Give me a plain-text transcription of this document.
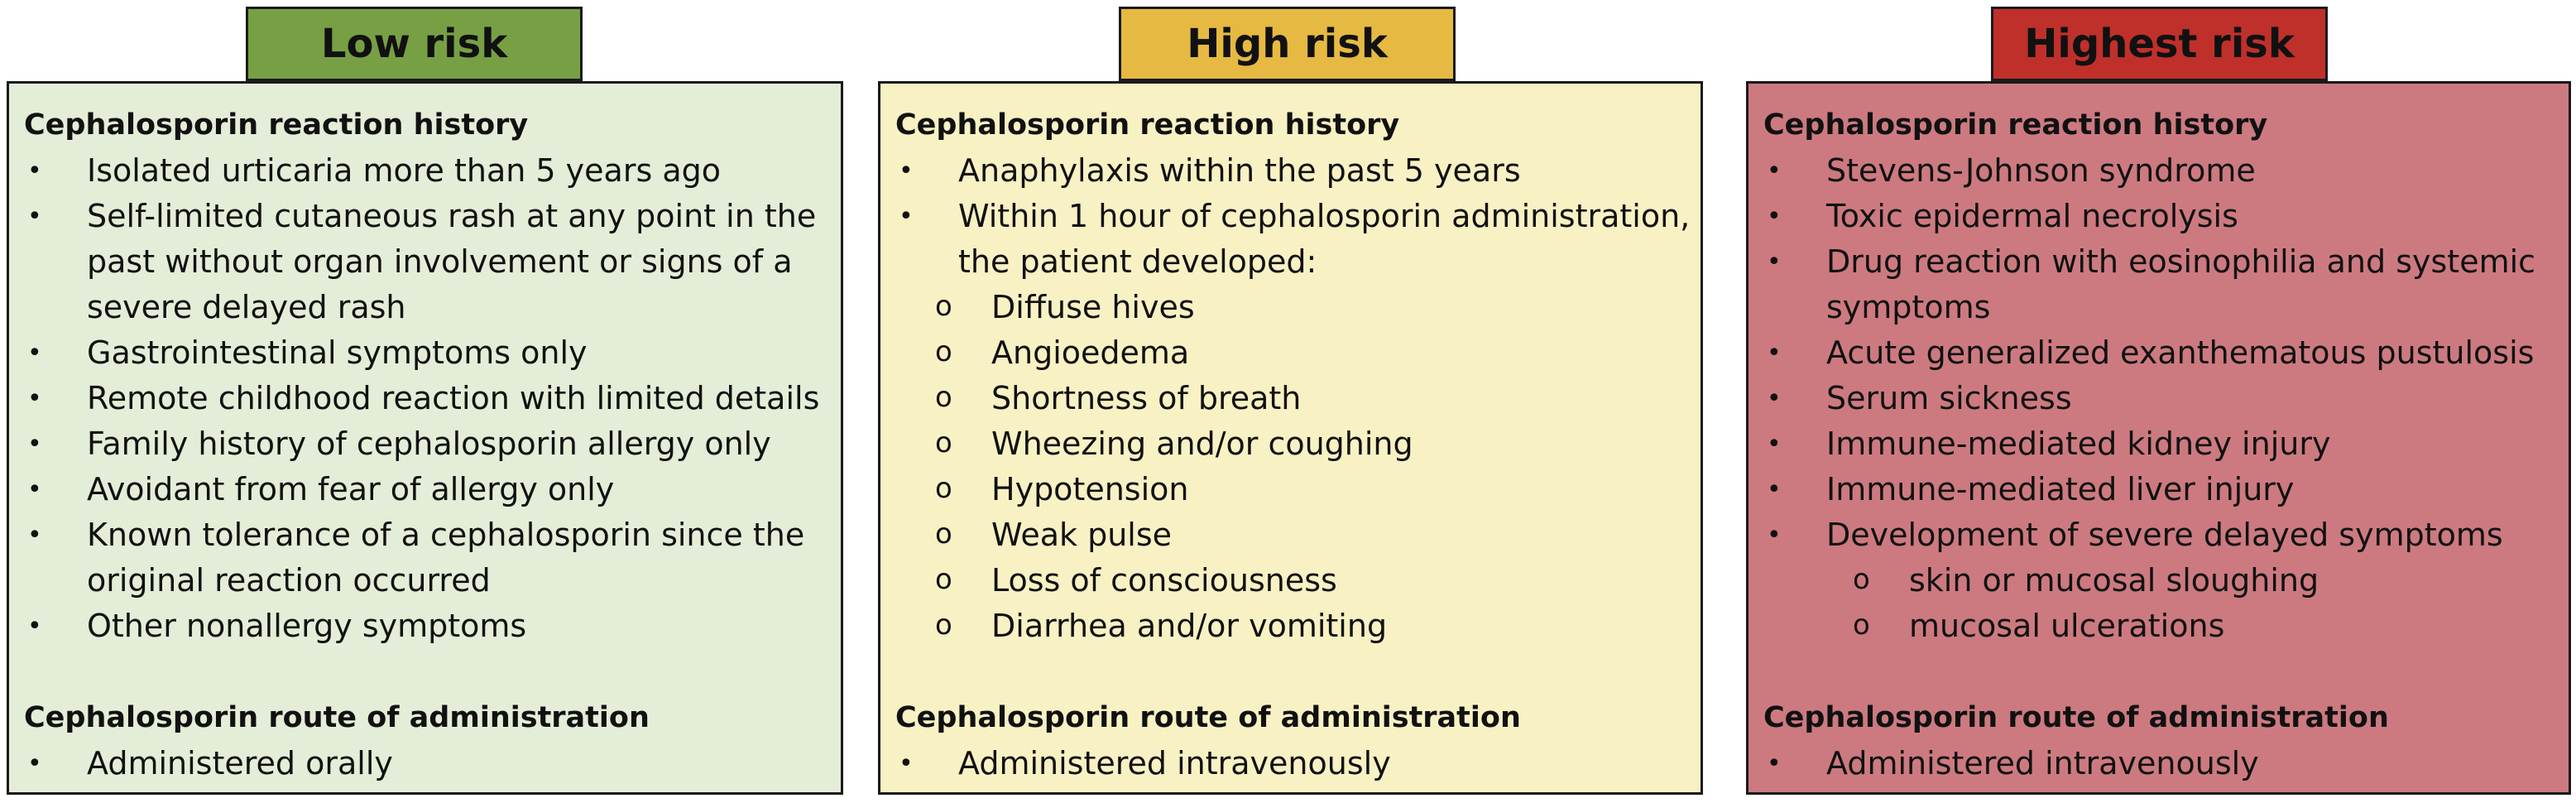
Low risk

Cephalosporin reaction history

• Isolated urticaria more than 5 years ago
• Self-limited cutaneous rash at any point in the past without organ involvement or signs of a severe delayed rash
• Gastrointestinal symptoms only
• Remote childhood reaction with limited details
• Family history of cephalosporin allergy only
• Avoidant from fear of allergy only
• Known tolerance of a cephalosporin since the original reaction occurred
• Other nonallergy symptoms

Cephalosporin route of administration

• Administered orally
High risk

Cephalosporin reaction history

• Anaphylaxis within the past 5 years
• Within 1 hour of cephalosporin administration, the patient developed:
o Diffuse hives
o Angioedema
o Shortness of breath
o Wheezing and/or coughing
o Hypotension
o Weak pulse
o Loss of consciousness
o Diarrhea and/or vomiting

Cephalosporin route of administration

• Administered intravenously
Highest risk

Cephalosporin reaction history

• Stevens-Johnson syndrome
• Toxic epidermal necrolysis
• Drug reaction with eosinophilia and systemic symptoms
• Acute generalized exanthematous pustulosis
• Serum sickness
• Immune-mediated kidney injury
• Immune-mediated liver injury
• Development of severe delayed symptoms
o skin or mucosal sloughing
o mucosal ulcerations

Cephalosporin route of administration

• Administered intravenously
